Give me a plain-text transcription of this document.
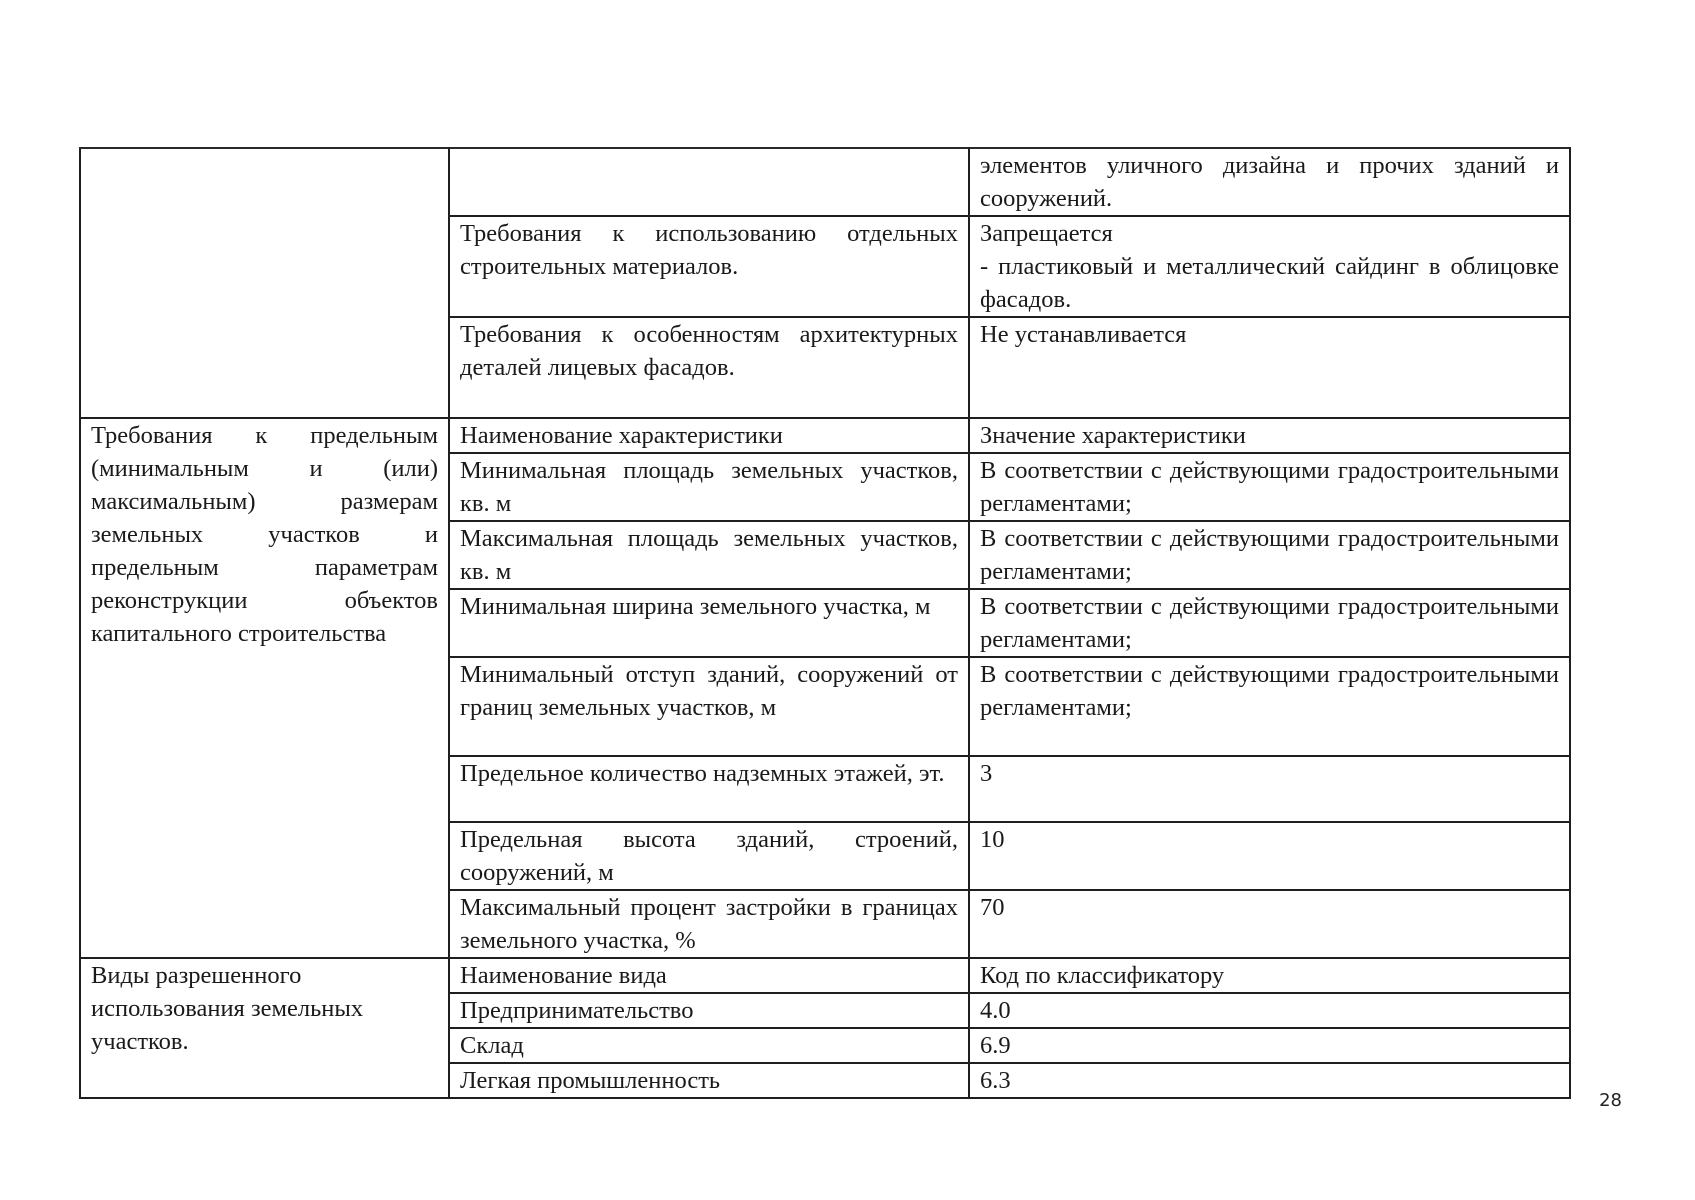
		элементов уличного дизайна и прочих зданий и сооружений.
	Требования к использованию отдельных строительных материалов.	Запрещается
- пластиковый и металлический сайдинг в облицовке фасадов.

	Требования к особенностям архитектурных деталей лицевых фасадов.	Не устанавливается
Требования к предельным (минимальным и (или) максимальным) размерам земельных участков и предельным параметрам реконструкции объектов капитального строительства	Наименование характеристики	Значение характеристики
	Минимальная площадь земельных участков, кв. м	В соответствии с действующими градостроительными регламентами;
	Максимальная площадь земельных участков, кв. м	В соответствии с действующими градостроительными регламентами;
	Минимальная ширина земельного участка, м	В соответствии с действующими градостроительными регламентами;
	Минимальный отступ зданий, сооружений от границ земельных участков, м	В соответствии с действующими градостроительными регламентами;
	Предельное количество надземных этажей, эт.	3
	Предельная высота зданий, строений, сооружений, м	10
	Максимальный процент застройки в границах земельного участка, %	70
Виды разрешенного использования земельных участков.	Наименование вида	Код по классификатору
	Предпринимательство	4.0
	Склад	6.9
	Легкая промышленность	6.3
28
